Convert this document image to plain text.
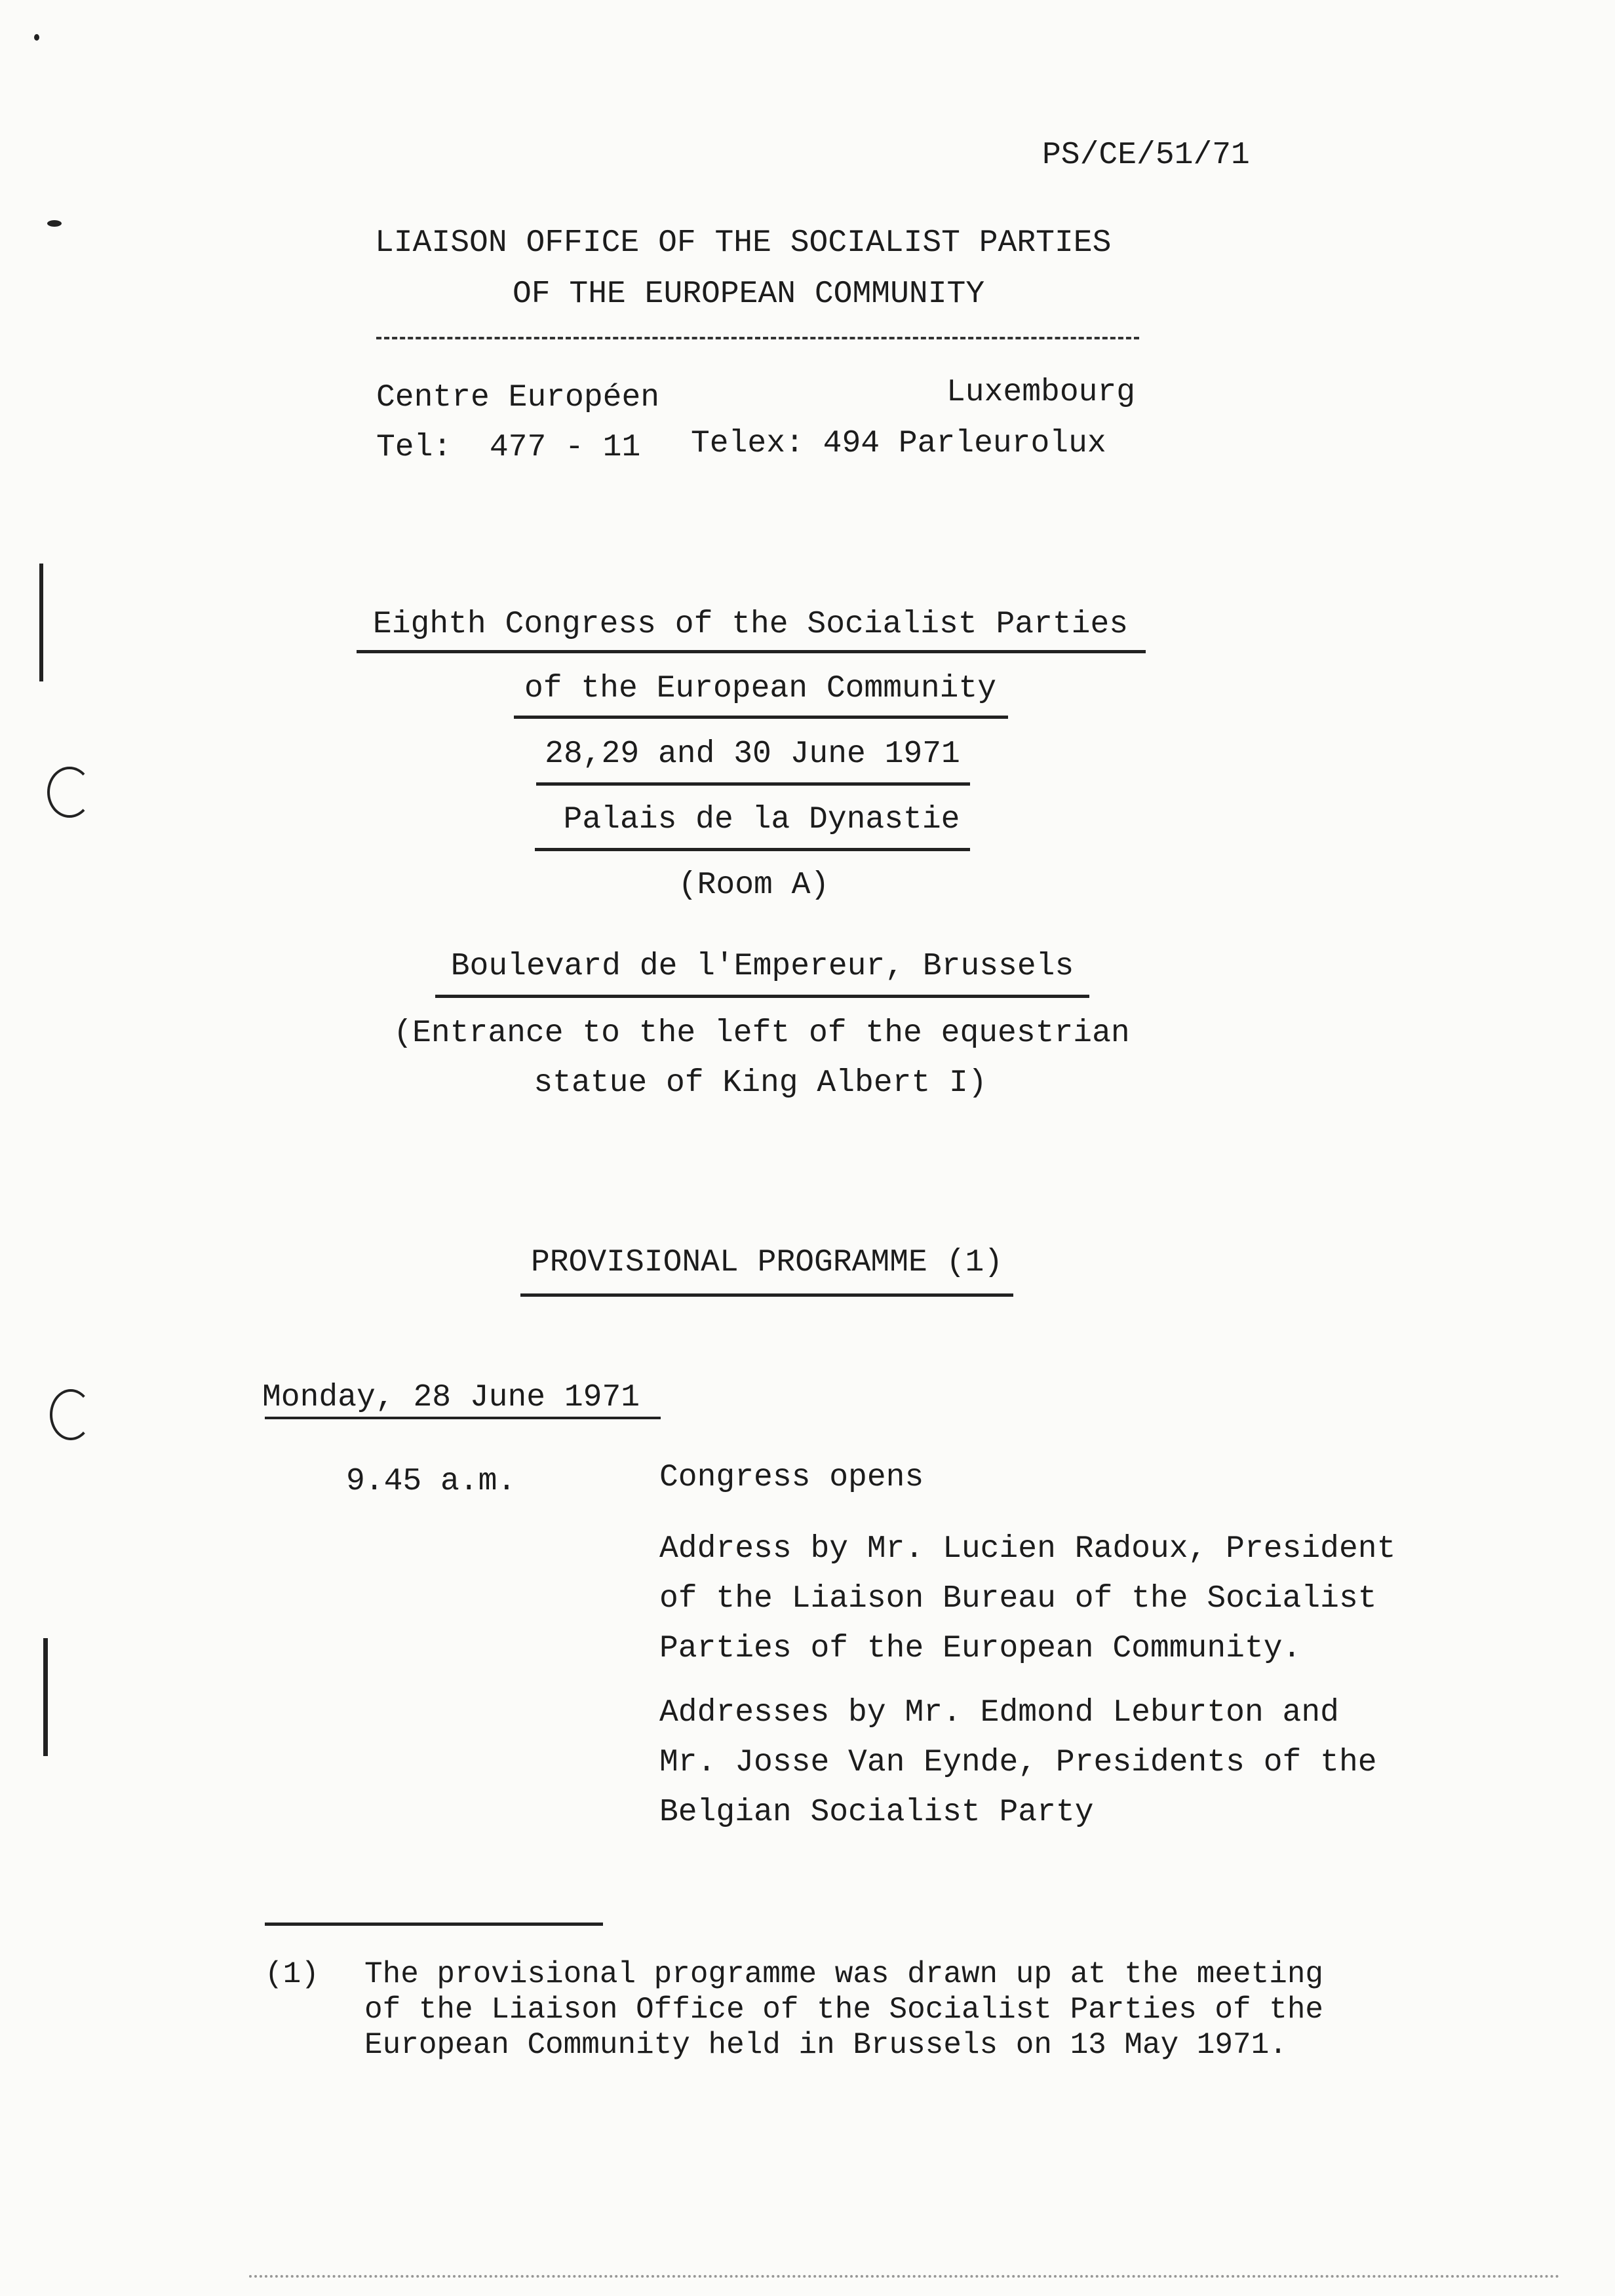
PS/CE/51/71
LIAISON OFFICE OF THE SOCIALIST PARTIES
OF THE EUROPEAN COMMUNITY
Centre Européen	Luxembourg
Tel:  477 - 11 Telex: 494 Parleurolux
Eighth Congress of the Socialist Parties
of the European Community
28,29 and 30 June 1971
Palais de la Dynastie
(Room A)
Boulevard de l'Empereur, Brussels
(Entrance to the left of the equestrian
statue of King Albert I)
PROVISIONAL PROGRAMME (1)
Monday, 28 June 1971
9.45 a.m.	Congress opens
Address by Mr. Lucien Radoux, President
of the Liaison Bureau of the Socialist
Parties of the European Community.
Addresses by Mr. Edmond Leburton and
Mr. Josse Van Eynde, Presidents of the
Belgian Socialist Party
(1) The provisional programme was drawn up at the meeting
of the Liaison Office of the Socialist Parties of the
European Community held in Brussels on 13 May 1971.
